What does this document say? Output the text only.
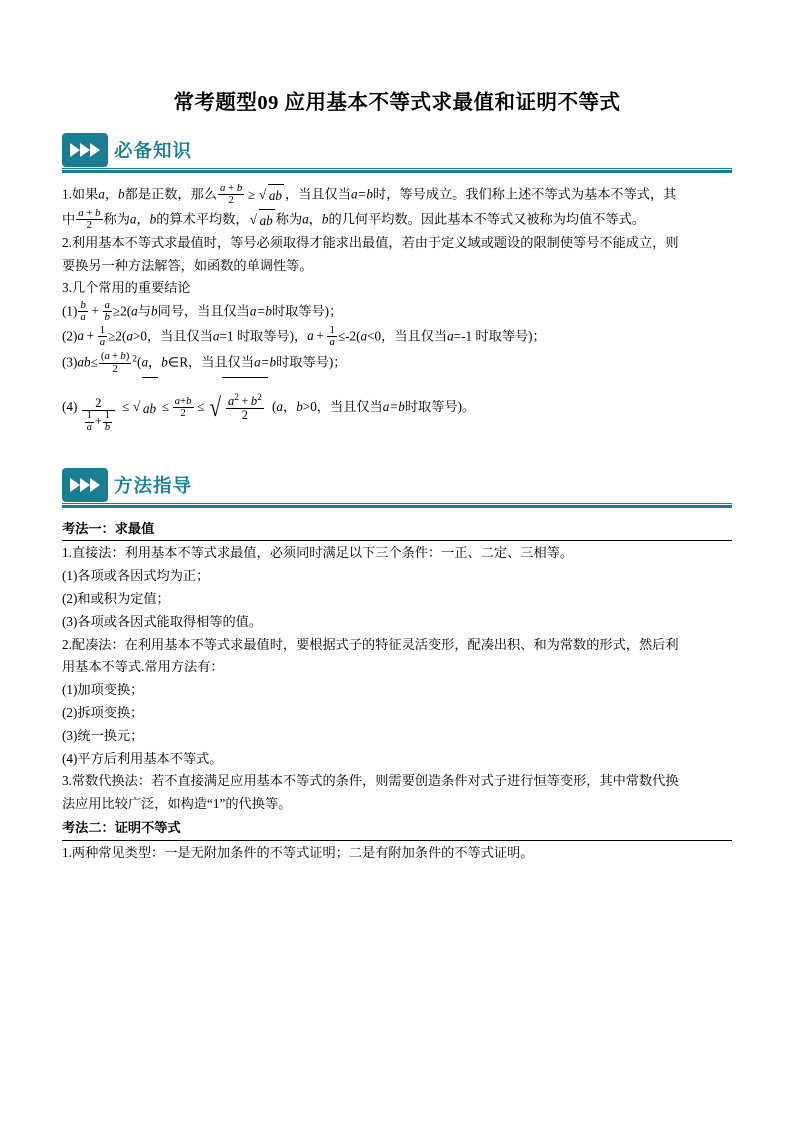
常考题型09 应用基本不等式求最值和证明不等式
必备知识

1.如果a，b都是正数，那么 $\frac{a + b}{2}$  ≥  √ ab ，当且仅当a=b时，等号成立。我们称上述不等式为基本不等式，其

中 $\frac{a + b}{2}$ 称为a，b的算术平均数， √ ab 称为a，b的几何平均数。因此基本不等式又被称为均值不等式。

2.利用基本不等式求最值时，等号必须取得才能求出最值，若由于定义域或题设的限制使等号不能成立，则

要换另一种方法解答，如函数的单调性等。

3.几个常用的重要结论

$(1) \frac{b}{a} + \frac{a}{b} \ge 2(a$与b同号，当且仅当a=b时取等号)；

$(2)a + \frac{1}{a} \ge 2(a>0$，当且仅当a=1 时取等号)，$a + \frac{1}{a} \le-2(a<0$，当且仅当a=-1 时取等号)；

$(3)ab\le \frac{(a + b)}{2} ^2(a$，b∈R，当且仅当a=b时取等号)；

$(4) \frac{2}{\frac{1}{a} + \frac{1}{b}}$  ≤  √ ab ≤  $\frac{a+b}{2}$  ≤  √ $\frac{a^2 + b^2}{2} (a$，b>0，当且仅当a=b时取等号)。

方法指导

考法一：求最值

1.直接法：利用基本不等式求最值，必须同时满足以下三个条件：一正、二定、三相等。

(1)各项或各因式均为正；

(2)和或积为定值；

(3)各项或各因式能取得相等的值。

2.配凑法：在利用基本不等式求最值时，要根据式子的特征灵活变形，配凑出积、和为常数的形式，然后利

用基本不等式.常用方法有：

(1)加项变换；

(2)拆项变换；

(3)统一换元；

(4)平方后利用基本不等式。

3.常数代换法：若不直接满足应用基本不等式的条件，则需要创造条件对式子进行恒等变形，其中常数代换

法应用比较广泛，如构造“1”的代换等。

考法二：证明不等式

1.两种常见类型：一是无附加条件的不等式证明；二是有附加条件的不等式证明。
